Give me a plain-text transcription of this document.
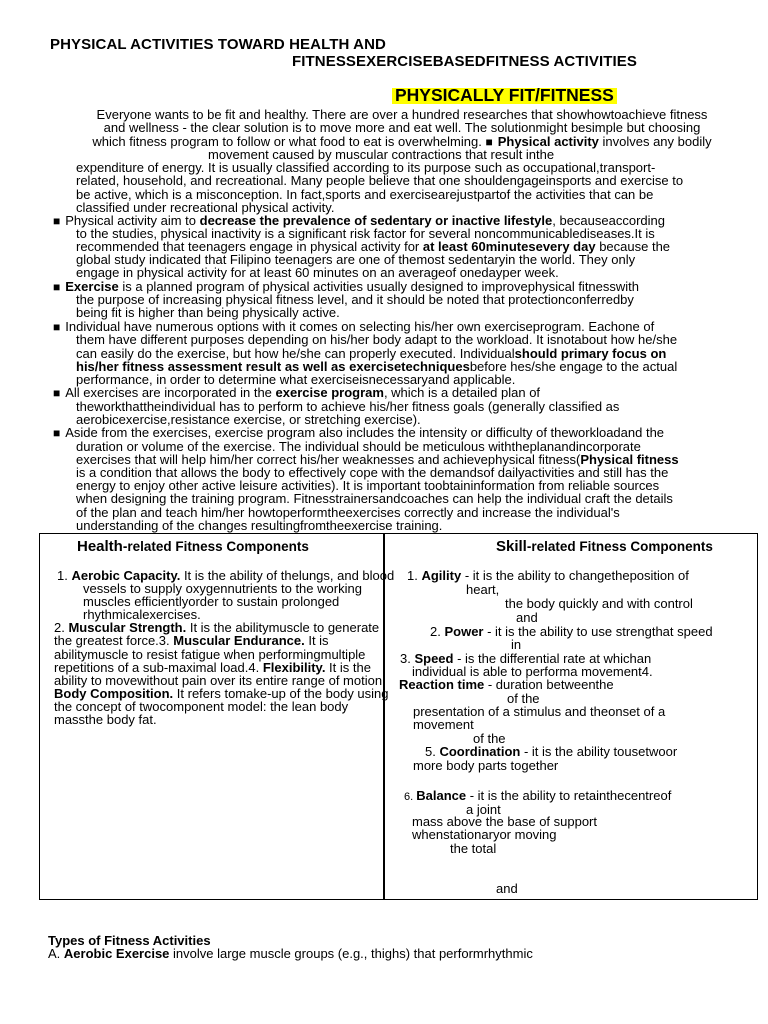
PHYSICAL ACTIVITIES TOWARD HEALTH AND
FITNESSEXERCISEBASEDFITNESS ACTIVITIES
PHYSICALLY FIT/FITNESS
Everyone wants to be fit and healthy. There are over a hundred researches that showhowtoachieve fitness
and wellness - the clear solution is to move more and eat well. The solutionmight besimple but choosing
which fitness program to follow or what food to eat is overwhelming. ■ Physical activity involves any bodily
movement caused by muscular contractions that result inthe
expenditure of energy. It is usually classified according to its purpose such as occupational,transport-
related, household, and recreational. Many people believe that one shouldengageinsports and exercise to
be active, which is a misconception. In fact,sports and exercisearejustpartof the activities that can be
classified under recreational physical activity.
■ Physical activity aim to decrease the prevalence of sedentary or inactive lifestyle, becauseaccording
to the studies, physical inactivity is a significant risk factor for several noncommunicablediseases.It is
recommended that teenagers engage in physical activity for at least 60minutesevery day because the
global study indicated that Filipino teenagers are one of themost sedentaryin the world. They only
engage in physical activity for at least 60 minutes on an averageof onedayper week.
■ Exercise is a planned program of physical activities usually designed to improvephysical fitnesswith
the purpose of increasing physical fitness level, and it should be noted that protectionconferredby
being fit is higher than being physically active.
■ Individual have numerous options with it comes on selecting his/her own exerciseprogram. Eachone of
them have different purposes depending on his/her body adapt to the workload. It isnotabout how he/she
can easily do the exercise, but how he/she can properly executed. Individualshould primary focus on
his/her fitness assessment result as well as exercisetechniquesbefore hes/she engage to the actual
performance, in order to determine what exerciseisnecessaryand applicable.
■ All exercises are incorporated in the exercise program, which is a detailed plan of
theworkthattheindividual has to perform to achieve his/her fitness goals (generally classified as
aerobicexercise,resistance exercise, or stretching exercise).
■ Aside from the exercises, exercise program also includes the intensity or difficulty of theworkloadand the
duration or volume of the exercise. The individual should be meticulous withtheplanandincorporate
exercises that will help him/her correct his/her weaknesses and achievephysical fitness(Physical fitness
is a condition that allows the body to effectively cope with the demandsof dailyactivities and still has the
energy to enjoy other active leisure activities). It is important toobtaininformation from reliable sources
when designing the training program. Fitnesstrainersandcoaches can help the individual craft the details
of the plan and teach him/her howtoperformtheexercises correctly and increase the individual's
understanding of the changes resultingfromtheexercise training.
Health-related Fitness Components	Skill-related Fitness Components
1. Aerobic Capacity. It is the ability of thelungs, and blood
vessels to supply oxygennutrients to the working
muscles efficientlyorder to sustain prolonged
rhythmicalexercises.
2. Muscular Strength. It is the abilitymuscle to generate
the greatest force.3. Muscular Endurance. It is
abilitymuscle to resist fatigue when performingmultiple
repetitions of a sub-maximal load.4. Flexibility. It is the
ability to movewithout pain over its entire range of motion
Body Composition. It refers tomake-up of the body using
the concept of twocomponent model: the lean body
massthe body fat.
1. Agility - it is the ability to changetheposition of
heart,
the body quickly and with control
and
2. Power - it is the ability to use strengthat speed
in
3. Speed - is the differential rate at whichan
individual is able to performa movement4.
Reaction time - duration betweenthe
of the
presentation of a stimulus and theonset of a
movement
of the
5. Coordination - it is the ability tousetwoor
more body parts together
6. Balance - it is the ability to retainthecentreof
a joint
mass above the base of support
whenstationaryor moving
the total
and
Types of Fitness Activities
A. Aerobic Exercise involve large muscle groups (e.g., thighs) that performrhythmic
